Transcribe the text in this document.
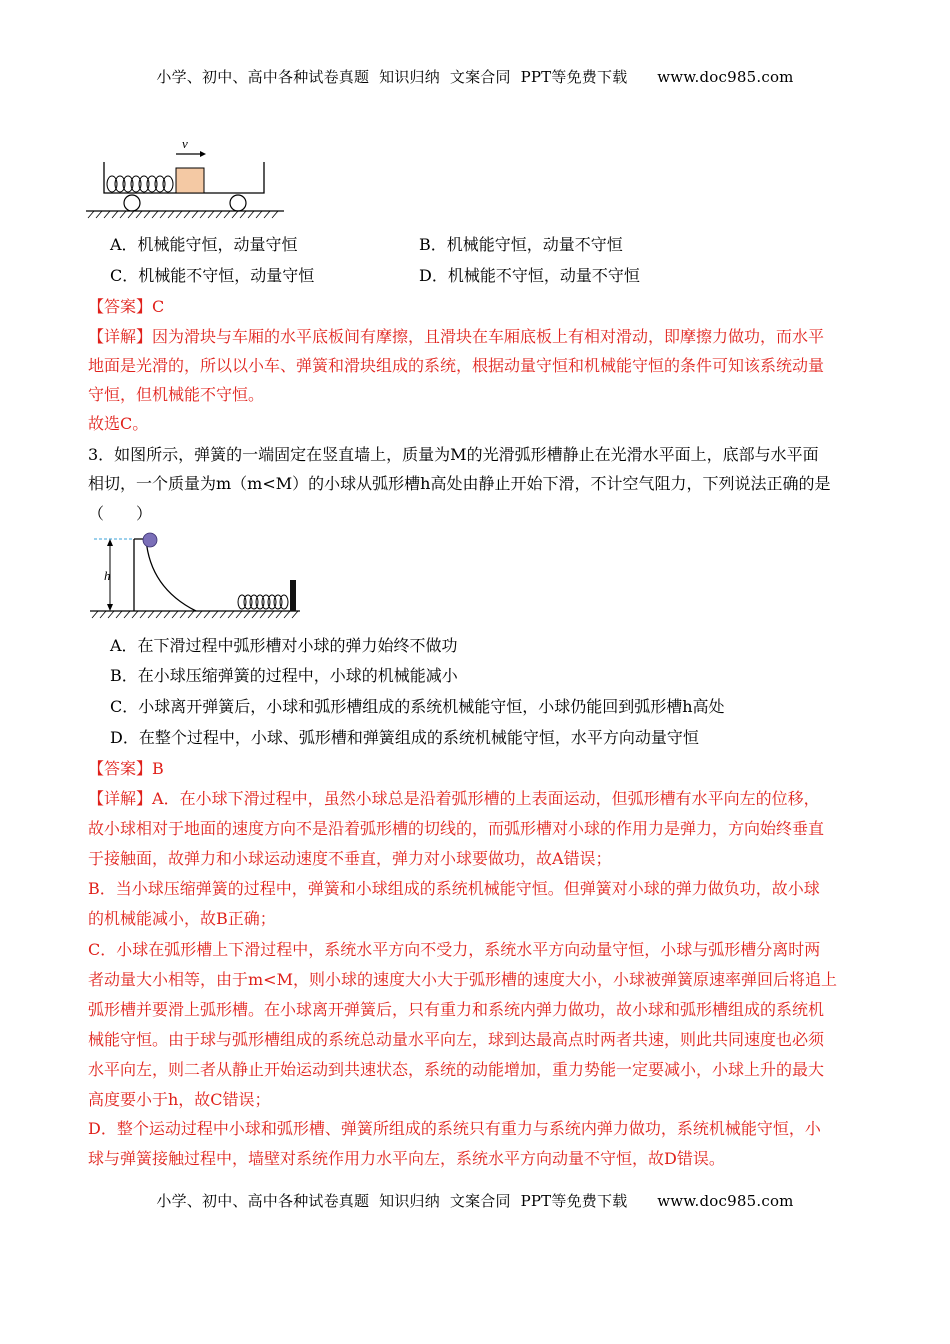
小学、初中、高中各种试卷真题  知识归纳  文案合同  PPT等免费下载      www.doc985.com
v
A．机械能守恒，动量守恒	B．机械能守恒，动量不守恒
C．机械能不守恒，动量守恒	D．机械能不守恒，动量不守恒
【答案】C
【详解】因为滑块与车厢的水平底板间有摩擦，且滑块在车厢底板上有相对滑动，即摩擦力做功，而水平
地面是光滑的，所以以小车、弹簧和滑块组成的系统，根据动量守恒和机械能守恒的条件可知该系统动量
守恒，但机械能不守恒。
故选C。
3．如图所示，弹簧的一端固定在竖直墙上，质量为M的光滑弧形槽静止在光滑水平面上，底部与水平面
相切，一个质量为m（m<M）的小球从弧形槽h高处由静止开始下滑，不计空气阻力，下列说法正确的是
（　　）
h
A．在下滑过程中弧形槽对小球的弹力始终不做功
B．在小球压缩弹簧的过程中，小球的机械能减小
C．小球离开弹簧后，小球和弧形槽组成的系统机械能守恒，小球仍能回到弧形槽h高处
D．在整个过程中，小球、弧形槽和弹簧组成的系统机械能守恒，水平方向动量守恒
【答案】B
【详解】A．在小球下滑过程中，虽然小球总是沿着弧形槽的上表面运动，但弧形槽有水平向左的位移，
故小球相对于地面的速度方向不是沿着弧形槽的切线的，而弧形槽对小球的作用力是弹力，方向始终垂直
于接触面，故弹力和小球运动速度不垂直，弹力对小球要做功，故A错误；
B．当小球压缩弹簧的过程中，弹簧和小球组成的系统机械能守恒。但弹簧对小球的弹力做负功，故小球
的机械能减小，故B正确；
C．小球在弧形槽上下滑过程中，系统水平方向不受力，系统水平方向动量守恒，小球与弧形槽分离时两
者动量大小相等，由于m<M，则小球的速度大小大于弧形槽的速度大小，小球被弹簧原速率弹回后将追上
弧形槽并要滑上弧形槽。在小球离开弹簧后，只有重力和系统内弹力做功，故小球和弧形槽组成的系统机
械能守恒。由于球与弧形槽组成的系统总动量水平向左，球到达最高点时两者共速，则此共同速度也必须
水平向左，则二者从静止开始运动到共速状态，系统的动能增加，重力势能一定要减小，小球上升的最大
高度要小于h，故C错误；
D．整个运动过程中小球和弧形槽、弹簧所组成的系统只有重力与系统内弹力做功，系统机械能守恒，小
球与弹簧接触过程中，墙壁对系统作用力水平向左，系统水平方向动量不守恒，故D错误。
小学、初中、高中各种试卷真题  知识归纳  文案合同  PPT等免费下载      www.doc985.com
